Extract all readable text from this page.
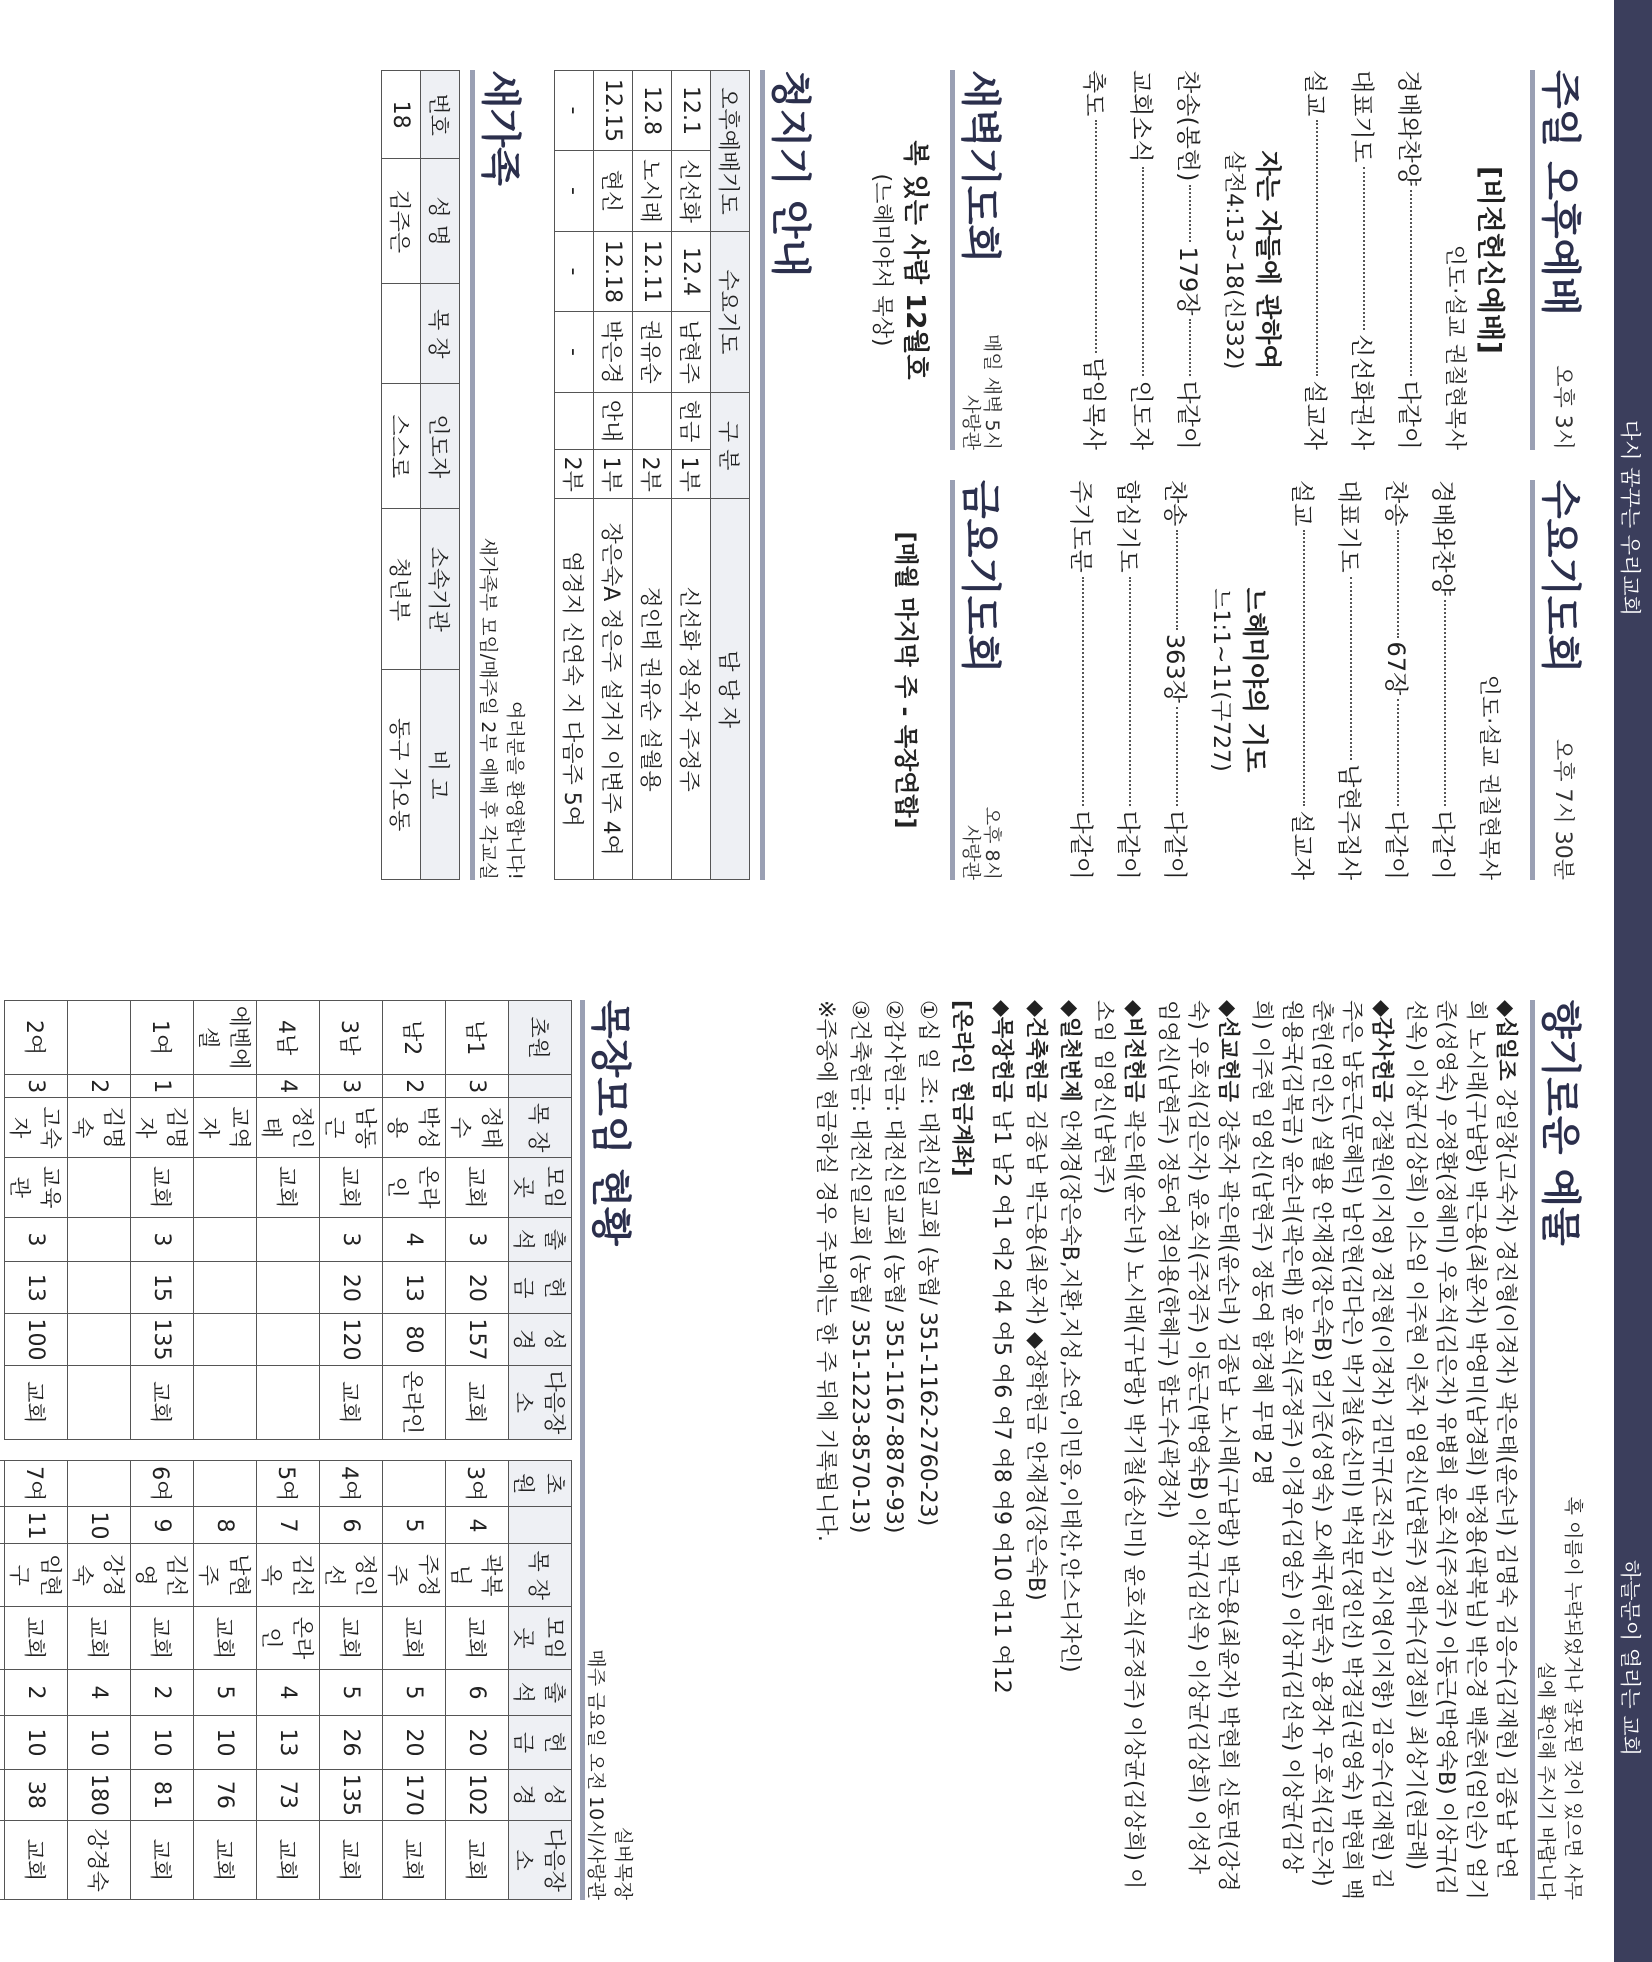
다시 꿈꾸는 우리교회
하늘문이 열리는 교회
주일 오후예배
오후 3시
[비전헌신예배]
인도·설교 권칠현목사
경배와찬양
다같이
대표기도
신선화권사
설교
설교자
자는 자들에 관하여
살전4:13~18(신332)
찬송(봉헌)
179장
다같이
교회소식
인도자
축도
담임목사
수요기도회
오후 7시 30분
인도·설교 권칠현목사
경배와찬양
다같이
찬송
67장
다같이
대표기도
남현주집사
설교
설교자
느헤미야의 기도
느1:1~11(구727)
찬송
363장
다같이
합심기도
다같이
주기도문
다같이
새벽기도회
매일 새벽 5시
사랑관
복 있는 사람 12월호
(느헤미야서 묵상)
금요기도회
오후 8시
사랑관
[매월 마지막 주 - 목장연합]
청지기 안내
오후예배기도		수요기도		구 분		담 당 자
12.1	신선화	12.4	남현주	헌금	1부	신선화 정옥자 주정주
12.8	노시래	12.11	권유순		2부	정인태 권유순 설월용
12.15	현신	12.18	박은경	안내	1부	장은숙A 정은주 설거지 이변주 4여
-	-	-	-		2부	염경지 신연숙 지 다음주 5여
새가족
여러분을 환영합니다!
새가족부 모임/매주일 2부 예배 후 각교실
번호	성 명	목 장	인도자	소속기관	비 고
18	김주은		스스로	청년부	동구 가오동
향기로운 예물
혹 이름이 누락되었거나 잘못된 것이 있으면 사무실에 확인해 주시기 바랍니다

◆십일조 강일창(고숙자) 경진형(이경자) 곽은태(윤순녀) 김명숙 김응수(김재현) 김종남 남연희 노시래(구남랑) 박근용(최윤자) 박영미(남경희) 박정용(곽복님) 박은경 백춘헌(엄인순) 엄기준(성영숙) 우정환(정혜미) 우호석(김은자) 유병희 윤호식(주정주) 이동근(박영숙B) 이상규(김선옥) 이상균(김상희) 이소임 이주현 이춘자 임영신(남현주) 정태수(김정희) 최상기(현금례)

◆감사헌금 강철원(이지영) 경진형(이경자) 김민규(조진숙) 김시영(이지향) 김응수(김재현) 김주은 남동근(문혜덕) 남인현(김다은) 박기철(송신미) 박석문(정인선) 박경길(권영숙) 박현희 백춘헌(엄인순) 설월용 안재경(장은숙B) 엄기준(성영숙) 오세국(허문숙) 용경자 우호석(김은자) 원용국(김복금) 윤순녀(곽은태) 윤호식(주정주) 이경우(김영순) 이상규(김선옥) 이상균(김상희) 이주현 임영신(남현주) 정동여 함경혜 무명 2명

◆선교헌금 강춘자 곽은태(윤순녀) 김종남 노시래(구남랑) 박근용(최윤자) 박현희 신동면(강경숙) 우호석(김은자) 윤호식(주정주) 이동근(박영숙B) 이상규(김선옥) 이상균(김상희) 이성자 임영신(남현주) 정동여 정의용(한혜구) 함도수(곽경자)

◆비전헌금 곽은태(윤순녀) 노시래(구남랑) 박기철(송신미) 윤호식(주정주) 이상균(김상희) 이소임 임영신(남현주)

◆일천번제 안재경(장은숙B,지환,지성,소연,이민웅,이태산,안스디자인)

◆건축헌금 김종남 박근용(최윤자) ◆장학헌금 안재경(장은숙B)

◆목장헌금 남1 남2 여1 여2 여4 여5 여6 여7 여8 여9 여10 여11 여12

[온라인 헌금계좌]

①십 일 조: 대전신일교회 (농협/ 351-1162-2760-23)

②감사헌금: 대전신일교회 (농협/ 351-1167-8876-93)

③건축헌금: 대전신일교회 (농협/ 351-1223-8570-13)

※주중에 헌금하실 경우 주보에는 한 주 뒤에 기록됩니다.

목장모임 현황
실버목장
매주 금요일 오전 10시/사랑관
초원		목 장	모임곳	출석	헌 금	성경	다음장소
남1	3	정태수	교회	3	20	157	교회
남2	2	박성용	온라인	4	13	80	온라인
3남	3	남동근	교회	3	20	120	교회
4남	4	정인태	교회				
에벤에셀		교역자					
1여	1	김명자	교회	3	15	135	교회
	2	김명숙					
2여	3	고숙자	교육관	3	13	100	교회
초원		목 장	모임곳	출석	헌 금	성경	다음장소
3여	4	곽복님	교회	6	20	102	교회
	5	주정주	교회	5	20	170	교회
4여	6	정인선	교회	5	26	135	교회
5여	7	김선옥	온라인	4	13	73	교회
	8	남현주	교회	5	10	76	교회
6여	9	김선영	교회	2	10	81	교회
	10	강경숙	교회	4	10	180	강경숙
7여	11	임현구	교회	2	10	38	교회
